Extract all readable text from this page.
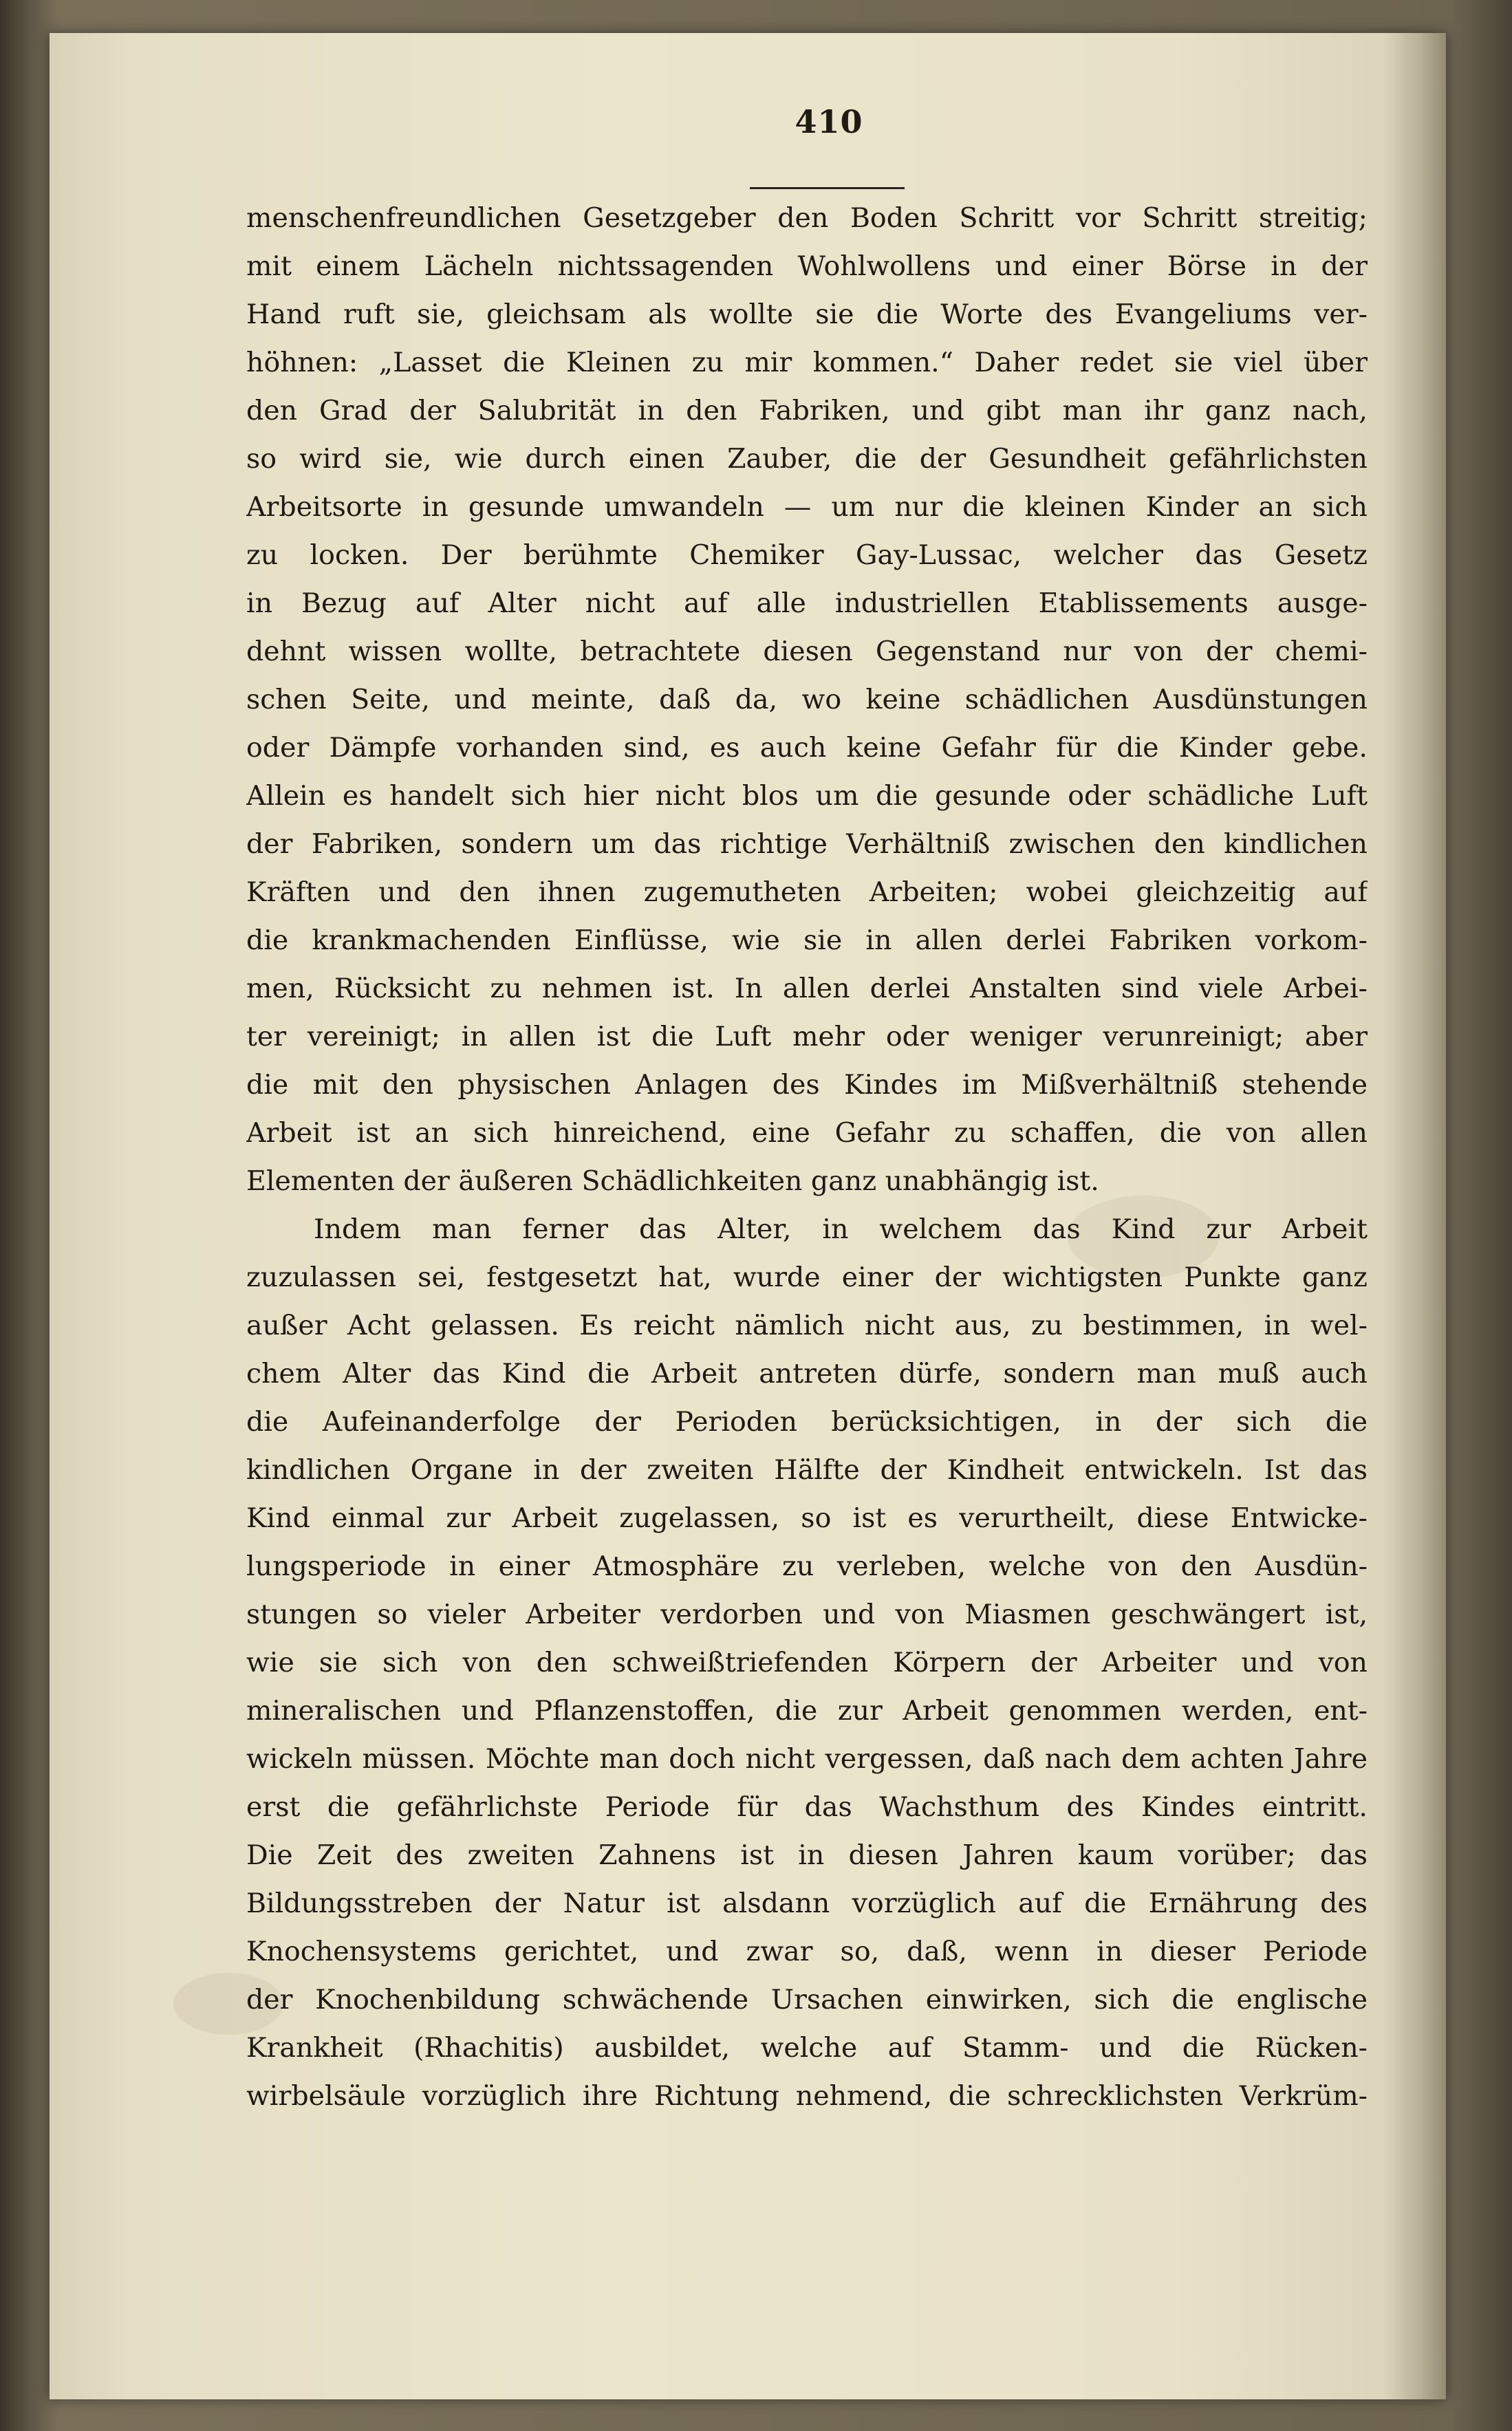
410
menschenfreundlichen Gesetzgeber den Boden Schritt vor Schritt streitig;
mit einem Lächeln nichtssagenden Wohlwollens und einer Börse in der
Hand ruft sie, gleichsam als wollte sie die Worte des Evangeliums ver-
höhnen: „Lasset die Kleinen zu mir kommen.“ Daher redet sie viel über
den Grad der Salubrität in den Fabriken, und gibt man ihr ganz nach,
so wird sie, wie durch einen Zauber, die der Gesundheit gefährlichsten
Arbeitsorte in gesunde umwandeln — um nur die kleinen Kinder an sich
zu locken. Der berühmte Chemiker Gay-Lussac, welcher das Gesetz
in Bezug auf Alter nicht auf alle industriellen Etablissements ausge-
dehnt wissen wollte, betrachtete diesen Gegenstand nur von der chemi-
schen Seite, und meinte, daß da, wo keine schädlichen Ausdünstungen
oder Dämpfe vorhanden sind, es auch keine Gefahr für die Kinder gebe.
Allein es handelt sich hier nicht blos um die gesunde oder schädliche Luft
der Fabriken, sondern um das richtige Verhältniß zwischen den kindlichen
Kräften und den ihnen zugemutheten Arbeiten; wobei gleichzeitig auf
die krankmachenden Einflüsse, wie sie in allen derlei Fabriken vorkom-
men, Rücksicht zu nehmen ist. In allen derlei Anstalten sind viele Arbei-
ter vereinigt; in allen ist die Luft mehr oder weniger verunreinigt; aber
die mit den physischen Anlagen des Kindes im Mißverhältniß stehende
Arbeit ist an sich hinreichend, eine Gefahr zu schaffen, die von allen
Elementen der äußeren Schädlichkeiten ganz unabhängig ist.
Indem man ferner das Alter, in welchem das Kind zur Arbeit
zuzulassen sei, festgesetzt hat, wurde einer der wichtigsten Punkte ganz
außer Acht gelassen. Es reicht nämlich nicht aus, zu bestimmen, in wel-
chem Alter das Kind die Arbeit antreten dürfe, sondern man muß auch
die Aufeinanderfolge der Perioden berücksichtigen, in der sich die
kindlichen Organe in der zweiten Hälfte der Kindheit entwickeln. Ist das
Kind einmal zur Arbeit zugelassen, so ist es verurtheilt, diese Entwicke-
lungsperiode in einer Atmosphäre zu verleben, welche von den Ausdün-
stungen so vieler Arbeiter verdorben und von Miasmen geschwängert ist,
wie sie sich von den schweißtriefenden Körpern der Arbeiter und von
mineralischen und Pflanzenstoffen, die zur Arbeit genommen werden, ent-
wickeln müssen. Möchte man doch nicht vergessen, daß nach dem achten Jahre
erst die gefährlichste Periode für das Wachsthum des Kindes eintritt.
Die Zeit des zweiten Zahnens ist in diesen Jahren kaum vorüber; das
Bildungsstreben der Natur ist alsdann vorzüglich auf die Ernährung des
Knochensystems gerichtet, und zwar so, daß, wenn in dieser Periode
der Knochenbildung schwächende Ursachen einwirken, sich die englische
Krankheit (Rhachitis) ausbildet, welche auf Stamm- und die Rücken-
wirbelsäule vorzüglich ihre Richtung nehmend, die schrecklichsten Verkrüm-
